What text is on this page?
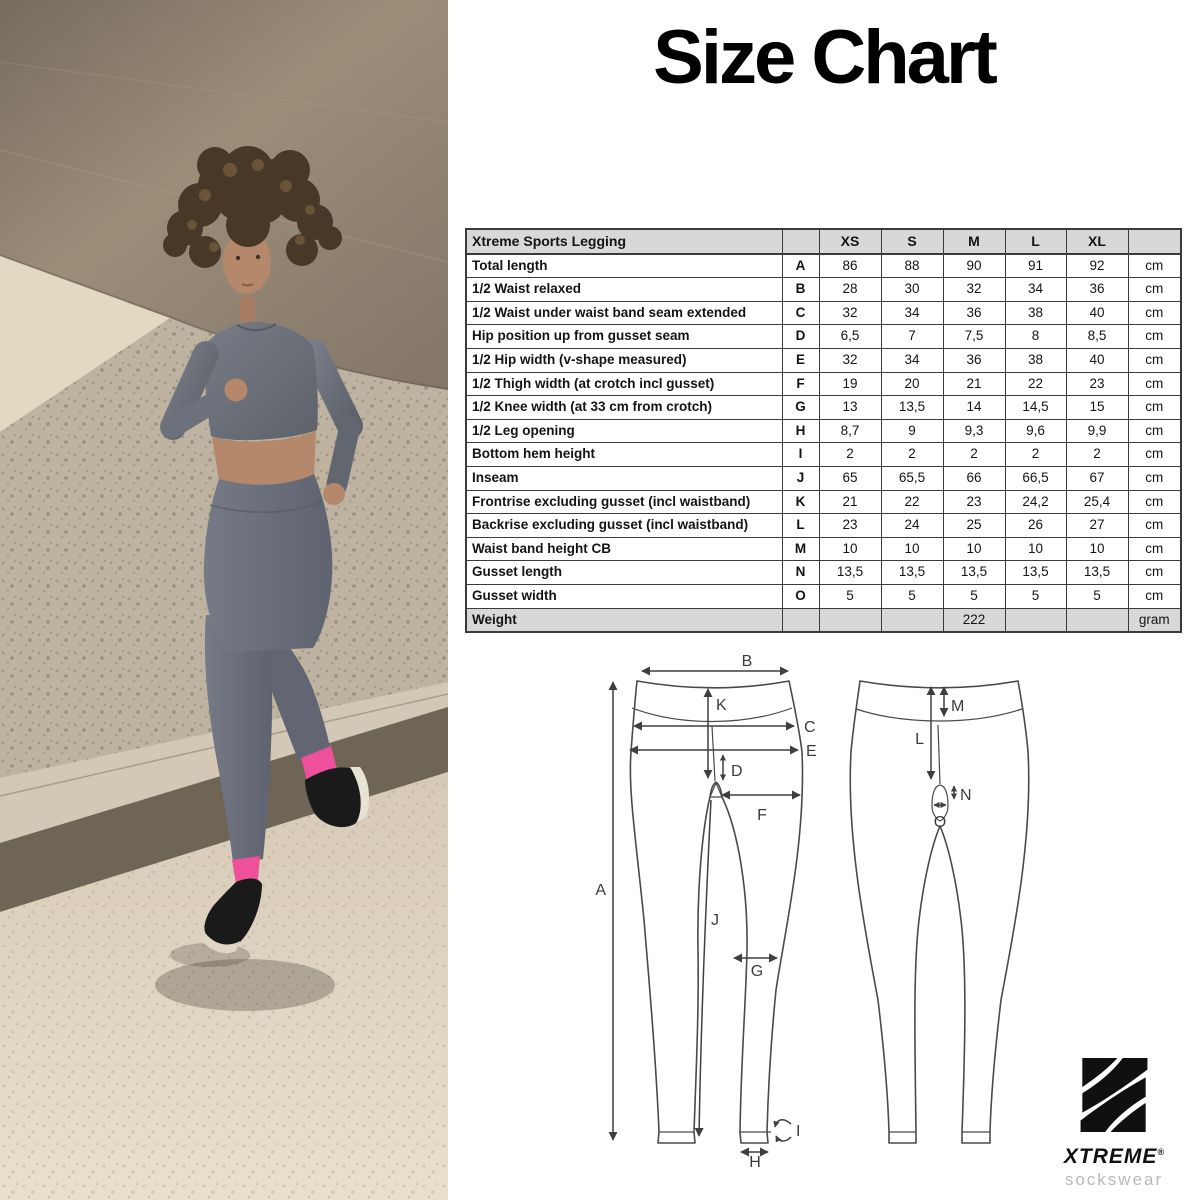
Size Chart
Xtreme Sports Legging		XS	S	M	L	XL	
Total length	A	86	88	90	91	92	cm
1/2 Waist relaxed	B	28	30	32	34	36	cm
1/2 Waist under waist band seam extended	C	32	34	36	38	40	cm
Hip position up from gusset seam	D	6,5	7	7,5	8	8,5	cm
1/2 Hip width (v-shape measured)	E	32	34	36	38	40	cm
1/2 Thigh width (at crotch incl gusset)	F	19	20	21	22	23	cm
1/2 Knee width (at 33 cm from crotch)	G	13	13,5	14	14,5	15	cm
1/2 Leg opening	H	8,7	9	9,3	9,6	9,9	cm
Bottom hem height	I	2	2	2	2	2	cm
Inseam	J	65	65,5	66	66,5	67	cm
Frontrise excluding gusset (incl waistband)	K	21	22	23	24,2	25,4	cm
Backrise excluding gusset (incl waistband)	L	23	24	25	26	27	cm
Waist band height CB	M	10	10	10	10	10	cm
Gusset length	N	13,5	13,5	13,5	13,5	13,5	cm
Gusset width	O	5	5	5	5	5	cm
Weight				222			gram
A
B
C
D
E
F
G
H
I
J
K
L
M
N
O
XTREME®
sockswear
